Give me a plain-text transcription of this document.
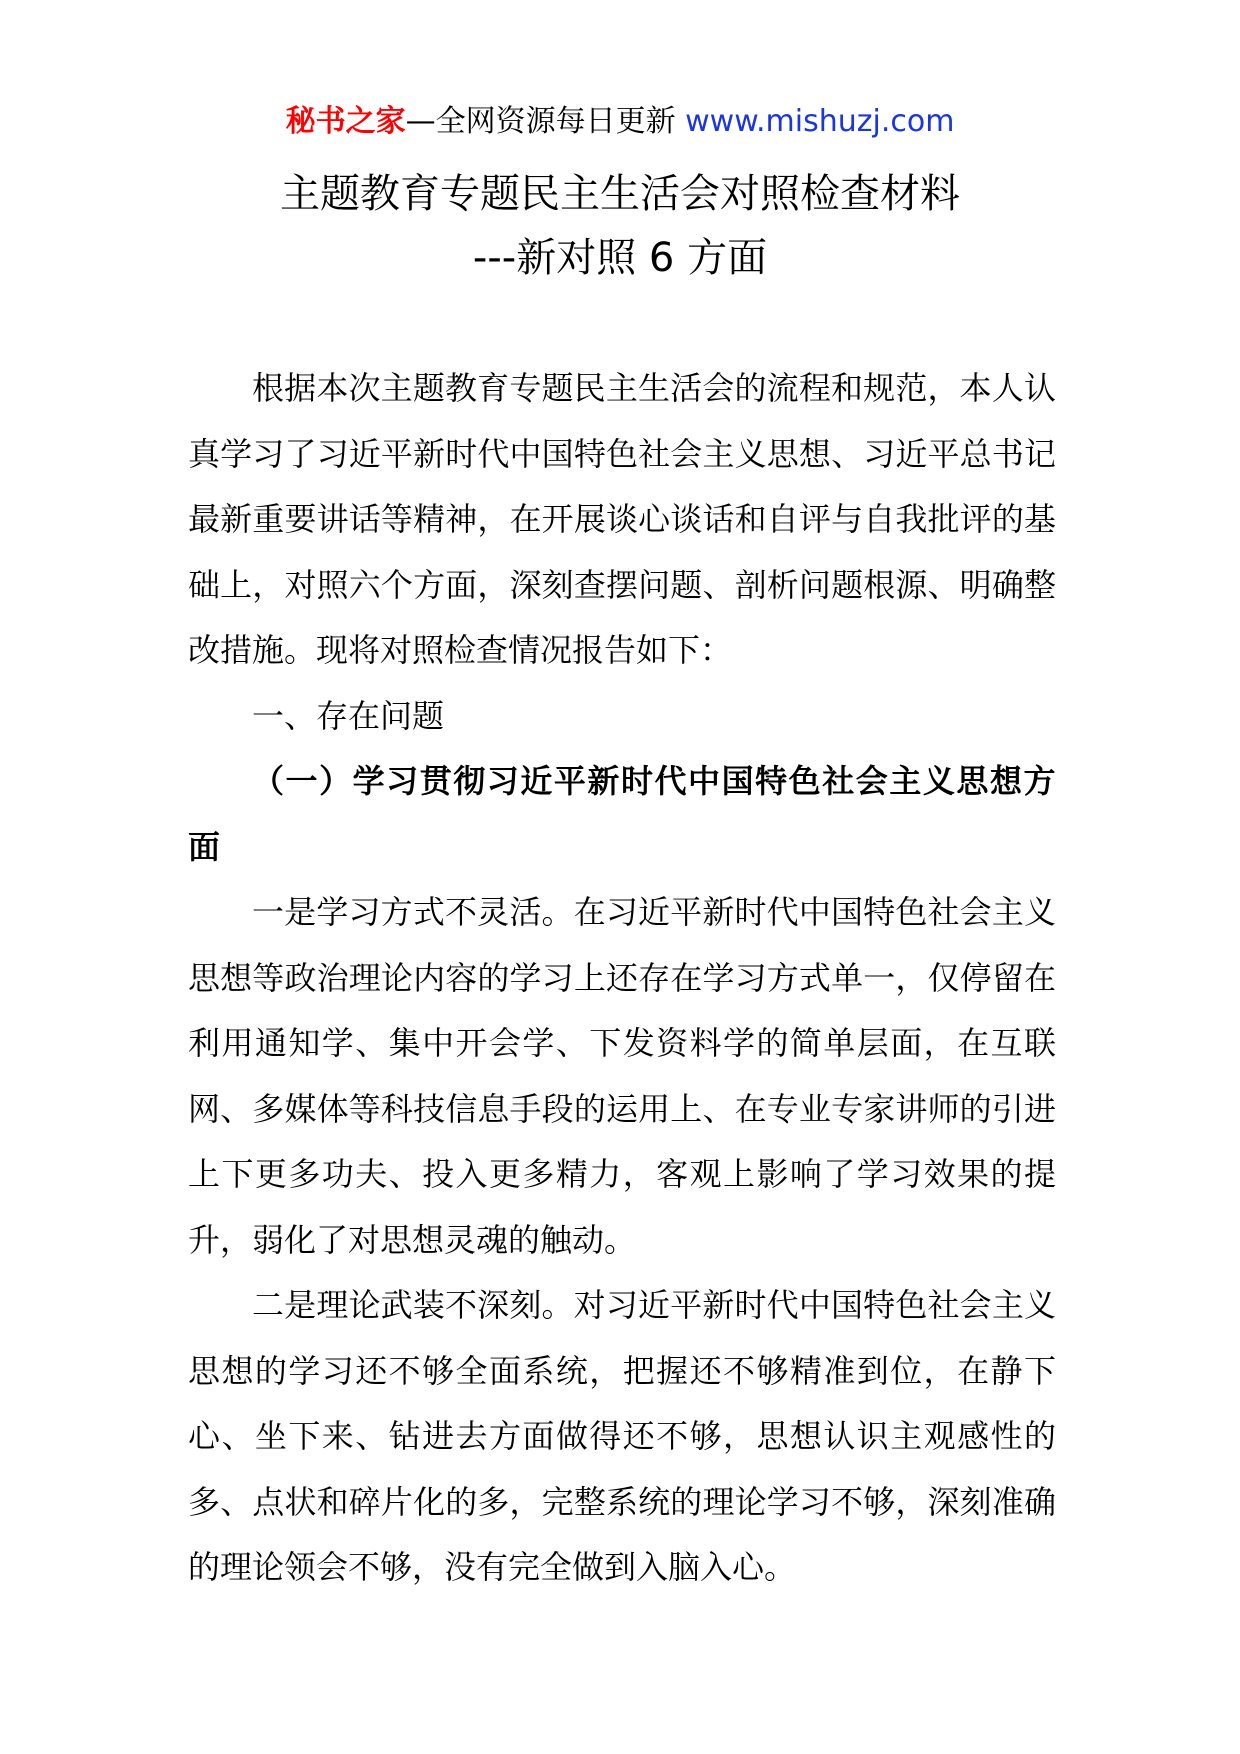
秘书之家—全网资源每日更新 www.mishuzj.com
主题教育专题民主生活会对照检查材料
---新对照 6 方面

根据本次主题教育专题民主生活会的流程和规范，本人认真学习了习近平新时代中国特色社会主义思想、习近平总书记最新重要讲话等精神，在开展谈心谈话和自评与自我批评的基础上，对照六个方面，深刻查摆问题、剖析问题根源、明确整改措施。现将对照检查情况报告如下：

一、存在问题

（一）学习贯彻习近平新时代中国特色社会主义思想方面

一是学习方式不灵活。在习近平新时代中国特色社会主义思想等政治理论内容的学习上还存在学习方式单一，仅停留在利用通知学、集中开会学、下发资料学的简单层面，在互联网、多媒体等科技信息手段的运用上、在专业专家讲师的引进上下更多功夫、投入更多精力，客观上影响了学习效果的提升，弱化了对思想灵魂的触动。

二是理论武装不深刻。对习近平新时代中国特色社会主义思想的学习还不够全面系统，把握还不够精准到位，在静下心、坐下来、钻进去方面做得还不够，思想认识主观感性的多、点状和碎片化的多，完整系统的理论学习不够，深刻准确的理论领会不够，没有完全做到入脑入心。
